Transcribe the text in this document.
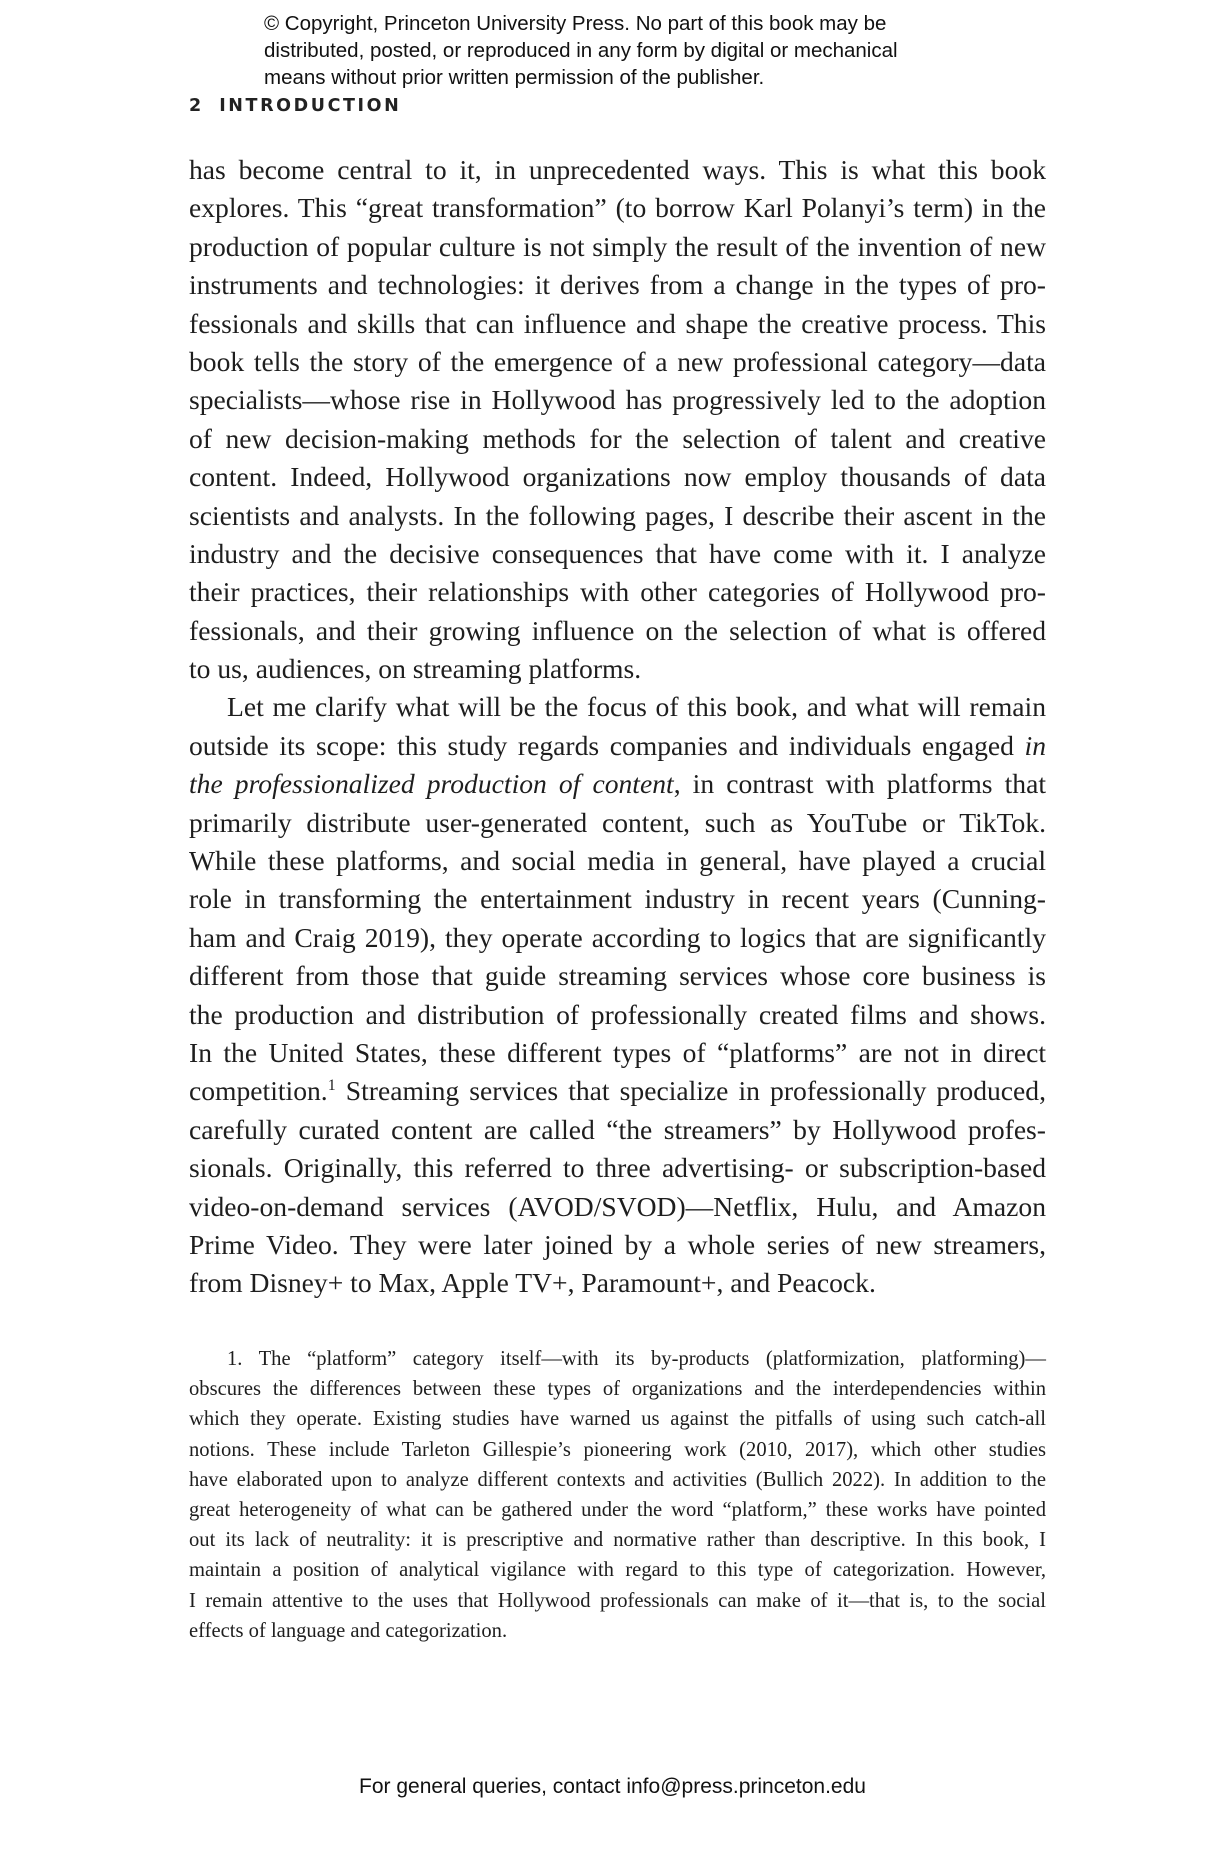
© Copyright, Princeton University Press. No part of this book may be
distributed, posted, or reproduced in any form by digital or mechanical
means without prior written permission of the publisher.
2 INTRODUCTION
has become central to it, in unprecedented ways. This is what this book
explores. This “great transformation” (to borrow Karl Polanyi’s term) in the
production of popular culture is not simply the result of the invention of new
instruments and technologies: it derives from a change in the types of pro-
fessionals and skills that can influence and shape the creative process. This
book tells the story of the emergence of a new professional category—data
specialists—whose rise in Hollywood has progressively led to the adoption
of new decision-making methods for the selection of talent and creative
content. Indeed, Hollywood organizations now employ thousands of data
scientists and analysts. In the following pages, I describe their ascent in the
industry and the decisive consequences that have come with it. I analyze
their practices, their relationships with other categories of Hollywood pro-
fessionals, and their growing influence on the selection of what is offered
to us, audiences, on streaming platforms.
Let me clarify what will be the focus of this book, and what will remain
outside its scope: this study regards companies and individuals engaged in
the professionalized production of content, in contrast with platforms that
primarily distribute user-generated content, such as YouTube or TikTok.
While these platforms, and social media in general, have played a crucial
role in transforming the entertainment industry in recent years (Cunning-
ham and Craig 2019), they operate according to logics that are significantly
different from those that guide streaming services whose core business is
the production and distribution of professionally created films and shows.
In the United States, these different types of “platforms” are not in direct
competition.$^1$ Streaming services that specialize in professionally produced,
carefully curated content are called “the streamers” by Hollywood profes-
sionals. Originally, this referred to three advertising- or subscription-based
video-on-demand services (AVOD/SVOD)—Netflix, Hulu, and Amazon
Prime Video. They were later joined by a whole series of new streamers,
from Disney+ to Max, Apple TV+, Paramount+, and Peacock.
1. The “platform” category itself—with its by-products (platformization, platforming)—
obscures the differences between these types of organizations and the interdependencies within
which they operate. Existing studies have warned us against the pitfalls of using such catch-all
notions. These include Tarleton Gillespie’s pioneering work (2010, 2017), which other studies
have elaborated upon to analyze different contexts and activities (Bullich 2022). In addition to the
great heterogeneity of what can be gathered under the word “platform,” these works have pointed
out its lack of neutrality: it is prescriptive and normative rather than descriptive. In this book, I
maintain a position of analytical vigilance with regard to this type of categorization. However,
I remain attentive to the uses that Hollywood professionals can make of it—that is, to the social
effects of language and categorization.
For general queries, contact info@press.princeton.edu
